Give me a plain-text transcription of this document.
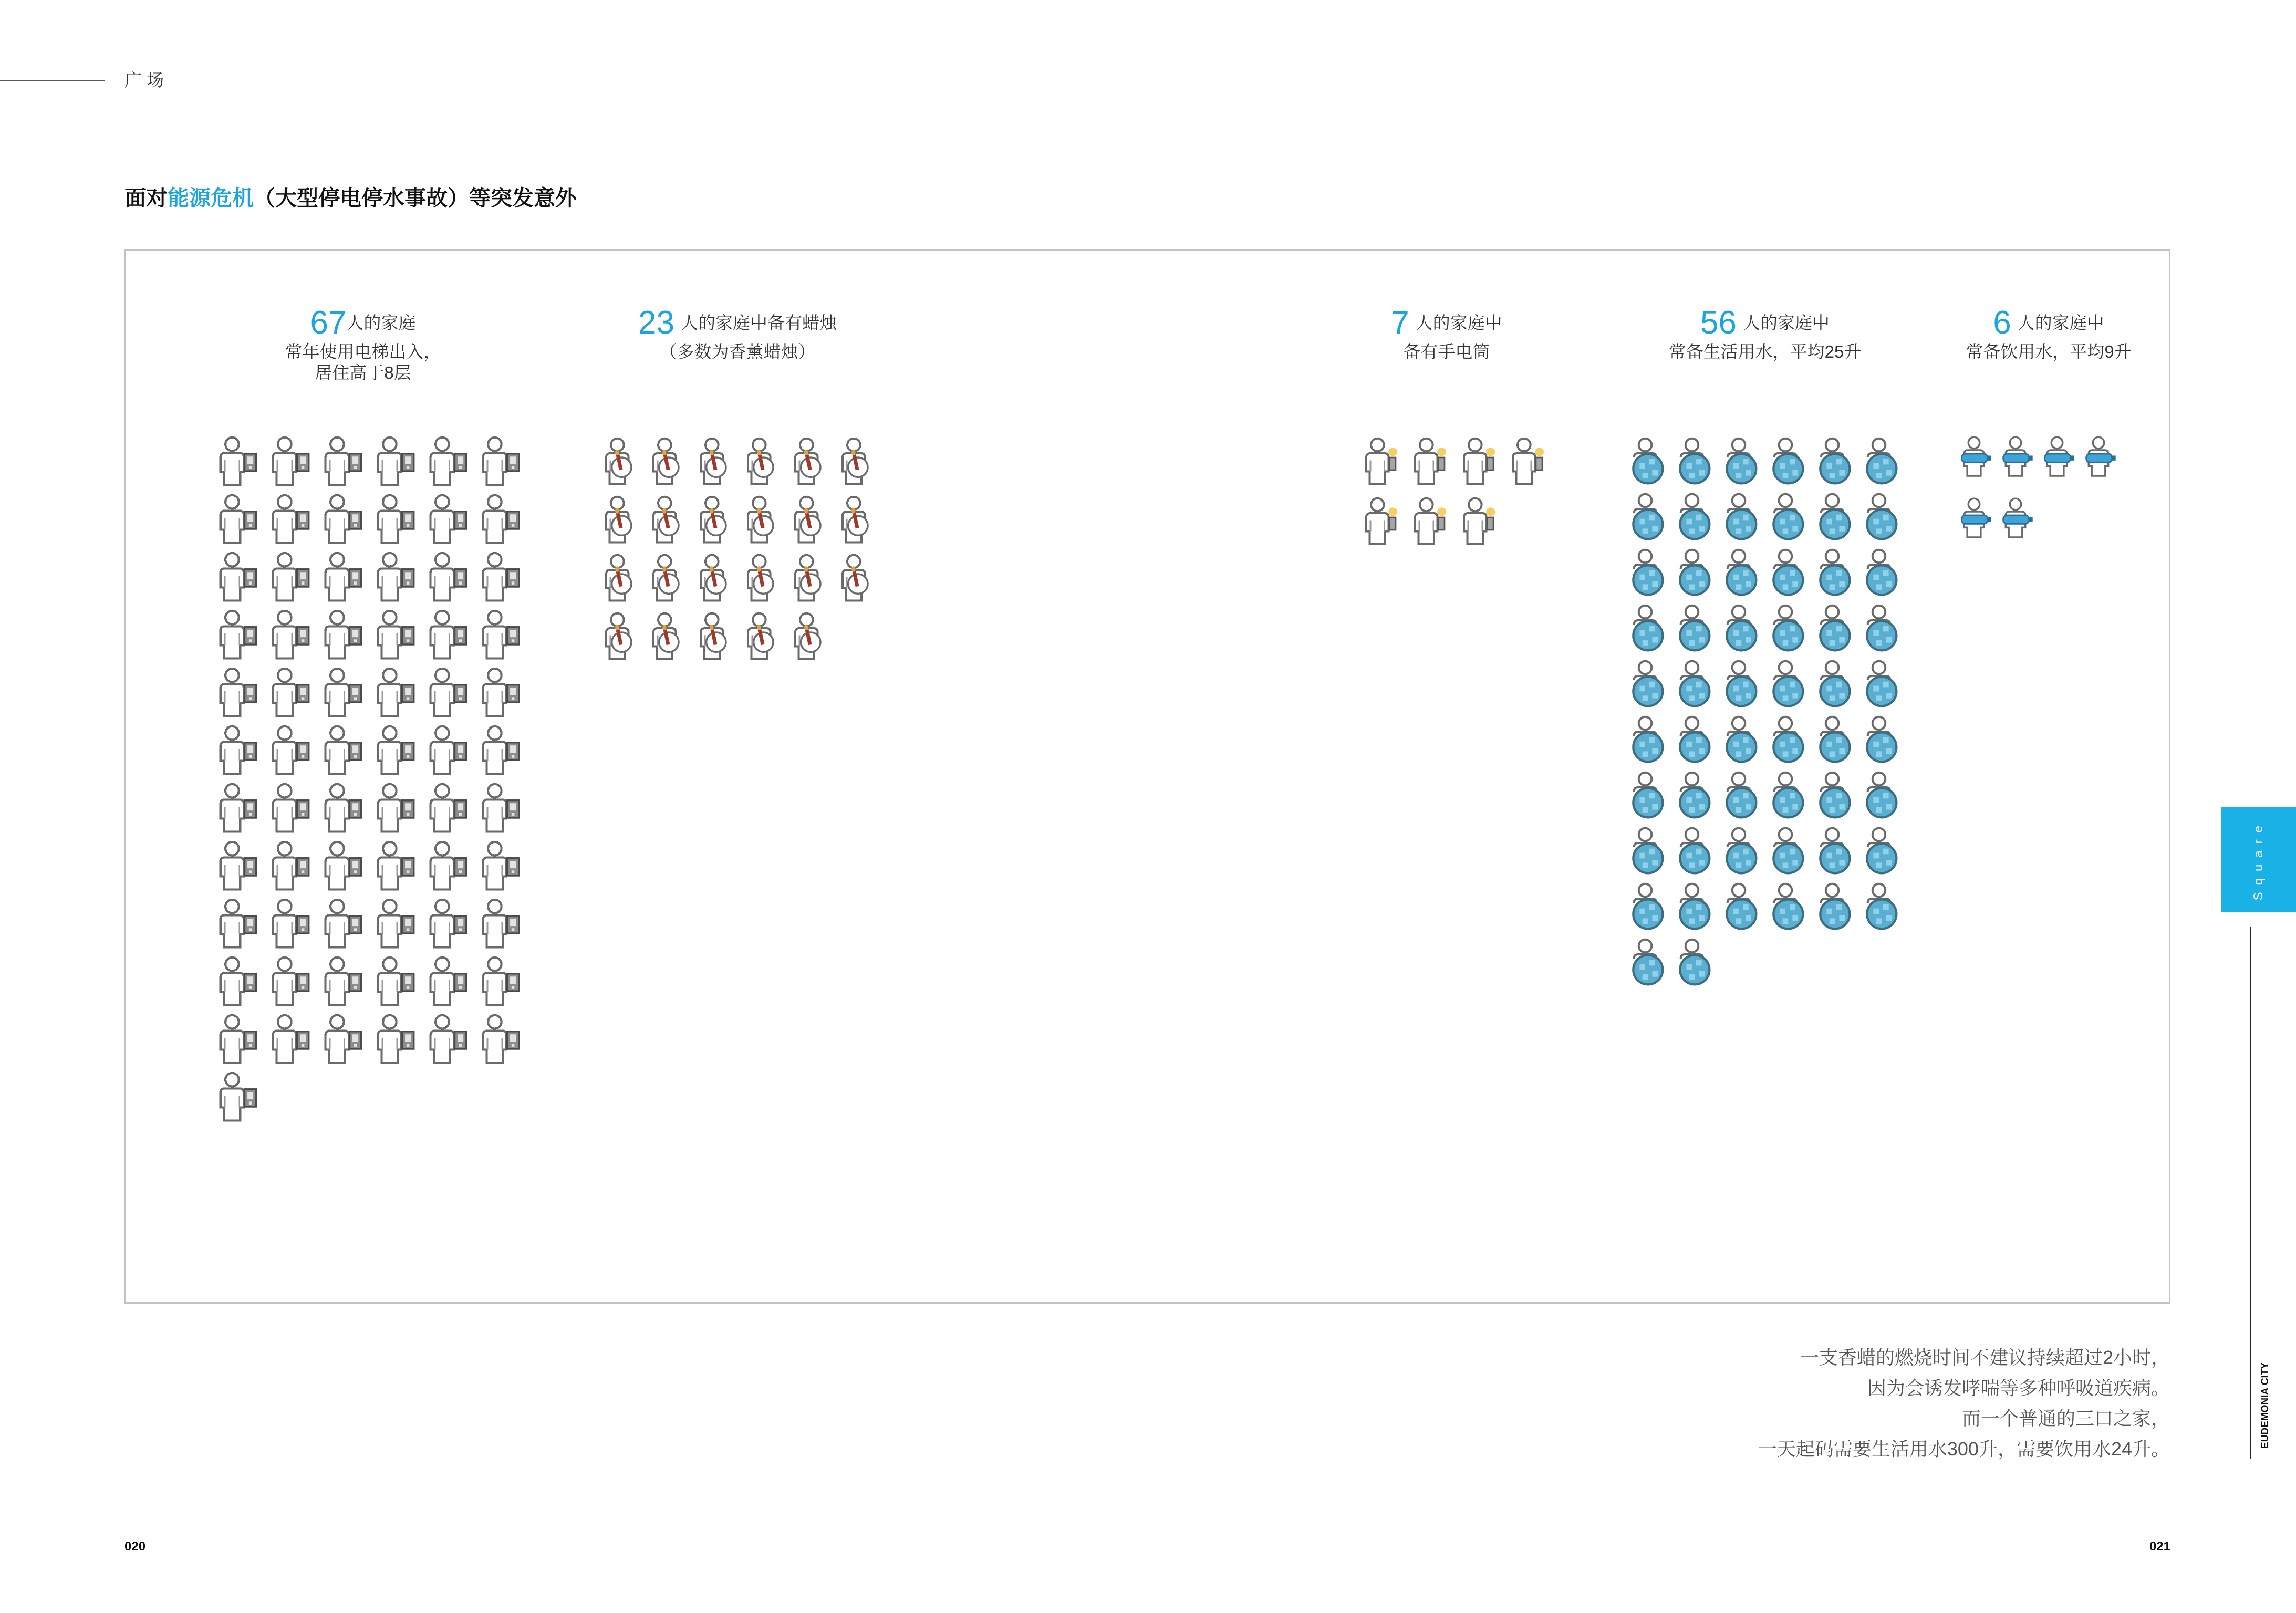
广 场
面对能源危机（大型停电停水事故）等突发意外
67 人的家庭
常年使用电梯出入，
居住高于8层
23 人的家庭中备有蜡烛
（多数为香薰蜡烛）
7 人的家庭中
备有手电筒
56 人的家庭中
常备生活用水，平均25升
6 人的家庭中
常备饮用水，平均9升
一支香蜡的燃烧时间不建议持续超过2小时，
因为会诱发哮喘等多种呼吸道疾病。
而一个普通的三口之家，
一天起码需要生活用水300升，需要饮用水24升。
020	021
Square
EUDEMONIA CITY
